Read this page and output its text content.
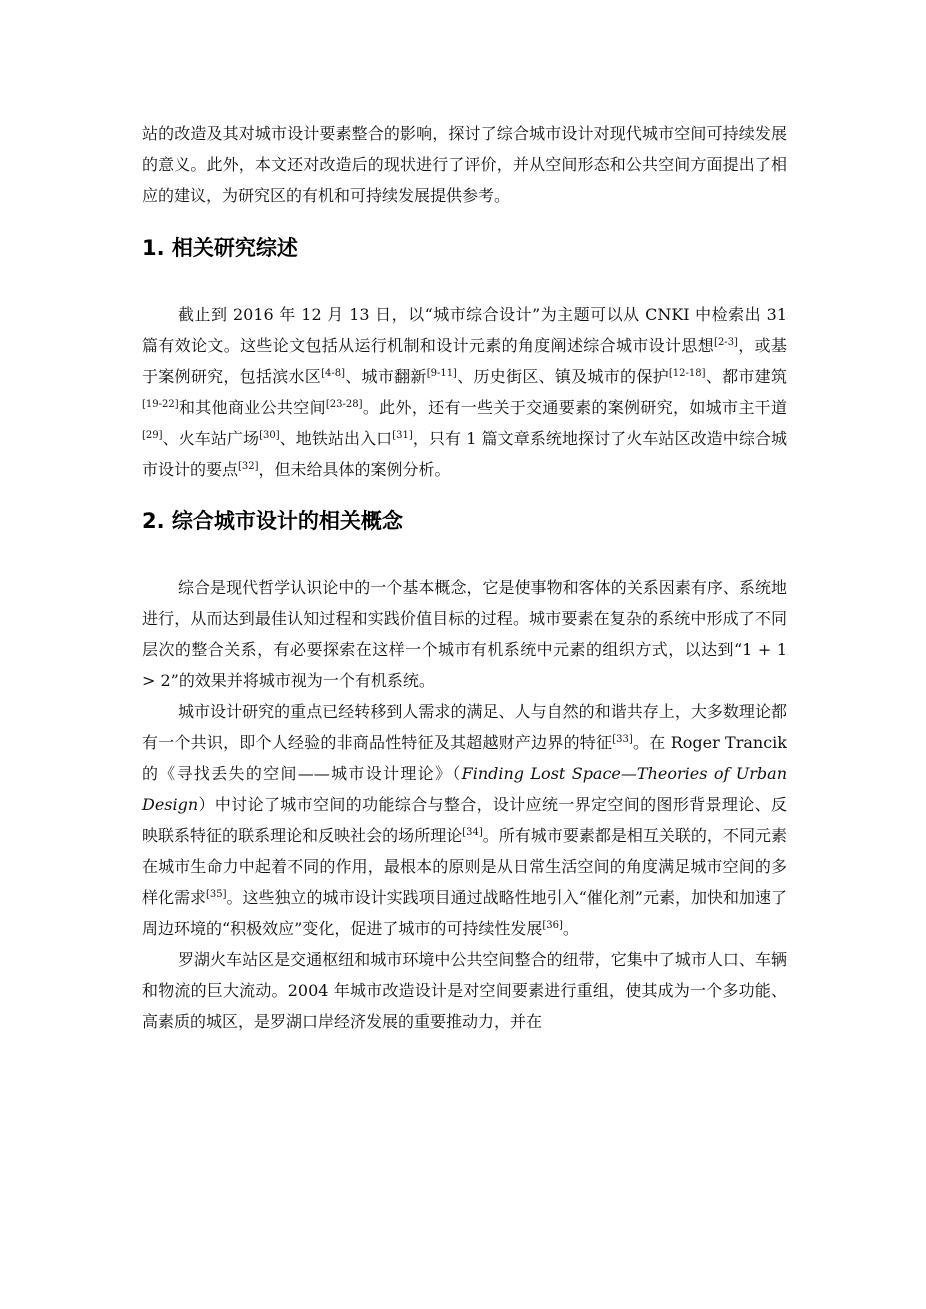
站的改造及其对城市设计要素整合的影响，探讨了综合城市设计对现代城市空间可持续发展的意义。此外，本文还对改造后的现状进行了评价，并从空间形态和公共空间方面提出了相应的建议，为研究区的有机和可持续发展提供参考。

1. 相关研究综述

截止到 2016 年 12 月 13 日，以“城市综合设计”为主题可以从 CNKI 中检索出 31 篇有效论文。这些论文包括从运行机制和设计元素的角度阐述综合城市设计思想[2-3]，或基于案例研究，包括滨水区[4-8]、城市翻新[9-11]、历史街区、镇及城市的保护[12-18]、都市建筑[19-22]和其他商业公共空间[23-28]。此外，还有一些关于交通要素的案例研究，如城市主干道[29]、火车站广场[30]、地铁站出入口[31]，只有 1 篇文章系统地探讨了火车站区改造中综合城市设计的要点[32]，但未给具体的案例分析。

2. 综合城市设计的相关概念

综合是现代哲学认识论中的一个基本概念，它是使事物和客体的关系因素有序、系统地进行，从而达到最佳认知过程和实践价值目标的过程。城市要素在复杂的系统中形成了不同层次的整合关系，有必要探索在这样一个城市有机系统中元素的组织方式，以达到“1 + 1 > 2”的效果并将城市视为一个有机系统。

城市设计研究的重点已经转移到人需求的满足、人与自然的和谐共存上，大多数理论都有一个共识，即个人经验的非商品性特征及其超越财产边界的特征[33]。在 Roger Trancik 的《寻找丢失的空间——城市设计理论》（Finding Lost Space—Theories of Urban Design）中讨论了城市空间的功能综合与整合，设计应统一界定空间的图形背景理论、反映联系特征的联系理论和反映社会的场所理论[34]。所有城市要素都是相互关联的，不同元素在城市生命力中起着不同的作用，最根本的原则是从日常生活空间的角度满足城市空间的多样化需求[35]。这些独立的城市设计实践项目通过战略性地引入“催化剂”元素，加快和加速了周边环境的“积极效应”变化，促进了城市的可持续性发展[36]。

罗湖火车站区是交通枢纽和城市环境中公共空间整合的纽带，它集中了城市人口、车辆和物流的巨大流动。2004 年城市改造设计是对空间要素进行重组，使其成为一个多功能、高素质的城区，是罗湖口岸经济发展的重要推动力，并在
